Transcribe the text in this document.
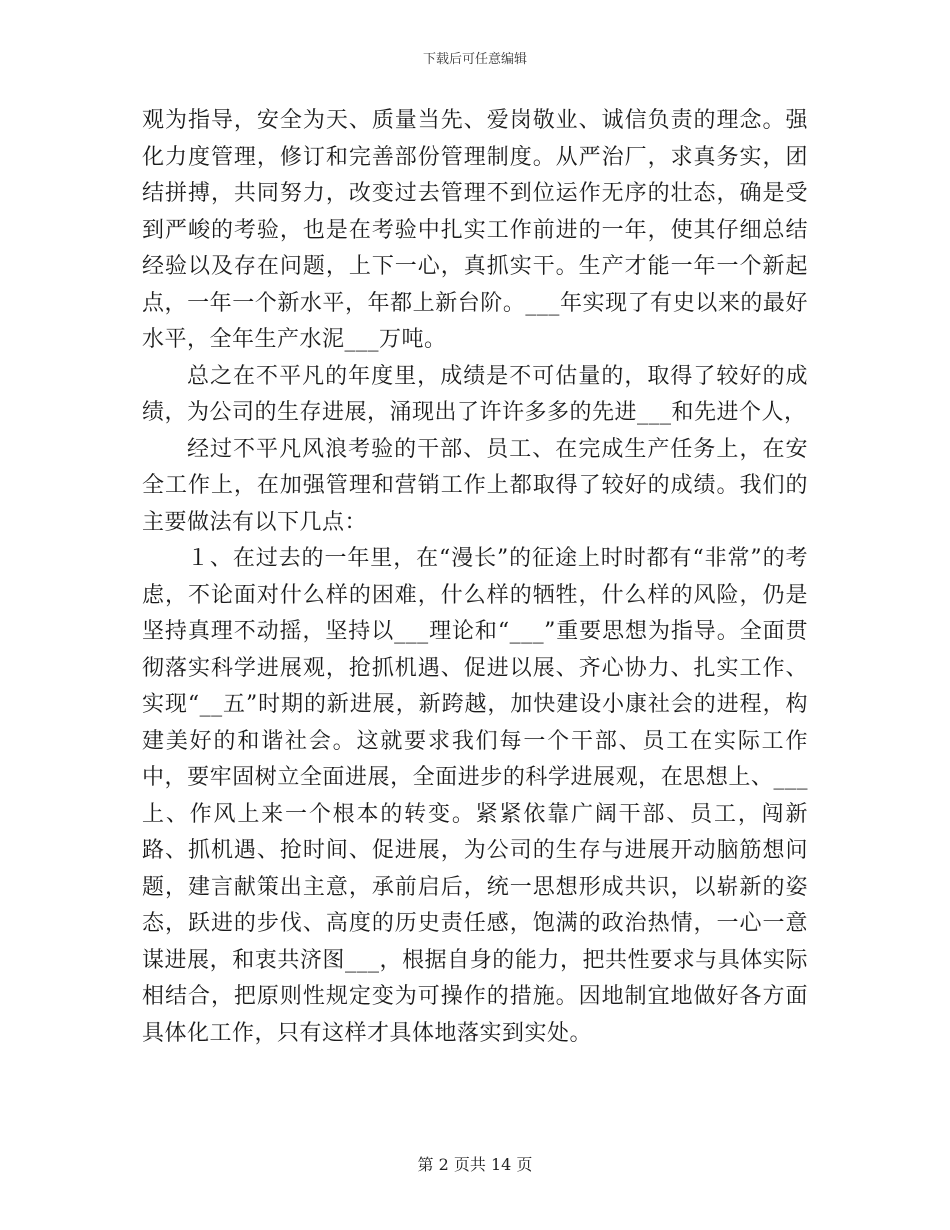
下载后可任意编辑

观为指导，安全为天、质量当先、爱岗敬业、诚信负责的理念。强化力度管理，修订和完善部份管理制度。从严治厂，求真务实，团结拼搏，共同努力，改变过去管理不到位运作无序的壮态，确是受到严峻的考验，也是在考验中扎实工作前进的一年，使其仔细总结经验以及存在问题，上下一心，真抓实干。生产才能一年一个新起点，一年一个新水平，年都上新台阶。___年实现了有史以来的最好水平，全年生产水泥___万吨。

总之在不平凡的年度里，成绩是不可估量的，取得了较好的成绩，为公司的生存进展，涌现出了许许多多的先进___和先进个人，

经过不平凡风浪考验的干部、员工、在完成生产任务上，在安全工作上，在加强管理和营销工作上都取得了较好的成绩。我们的主要做法有以下几点：

１、在过去的一年里，在“漫长”的征途上时时都有“非常”的考虑，不论面对什么样的困难，什么样的牺牲，什么样的风险，仍是坚持真理不动摇，坚持以___理论和“___”重要思想为指导。全面贯彻落实科学进展观，抢抓机遇、促进以展、齐心协力、扎实工作、实现“__五”时期的新进展，新跨越，加快建设小康社会的进程，构建美好的和谐社会。这就要求我们每一个干部、员工在实际工作中，要牢固树立全面进展，全面进步的科学进展观，在思想上、___上、作风上来一个根本的转变。紧紧依靠广阔干部、员工，闯新路、抓机遇、抢时间、促进展，为公司的生存与进展开动脑筋想问题，建言献策出主意，承前启后，统一思想形成共识，以崭新的姿态，跃进的步伐、高度的历史责任感，饱满的政治热情，一心一意谋进展，和衷共济图___，根据自身的能力，把共性要求与具体实际相结合，把原则性规定变为可操作的措施。因地制宜地做好各方面具体化工作，只有这样才具体地落实到实处。

第 2 页共 14 页
